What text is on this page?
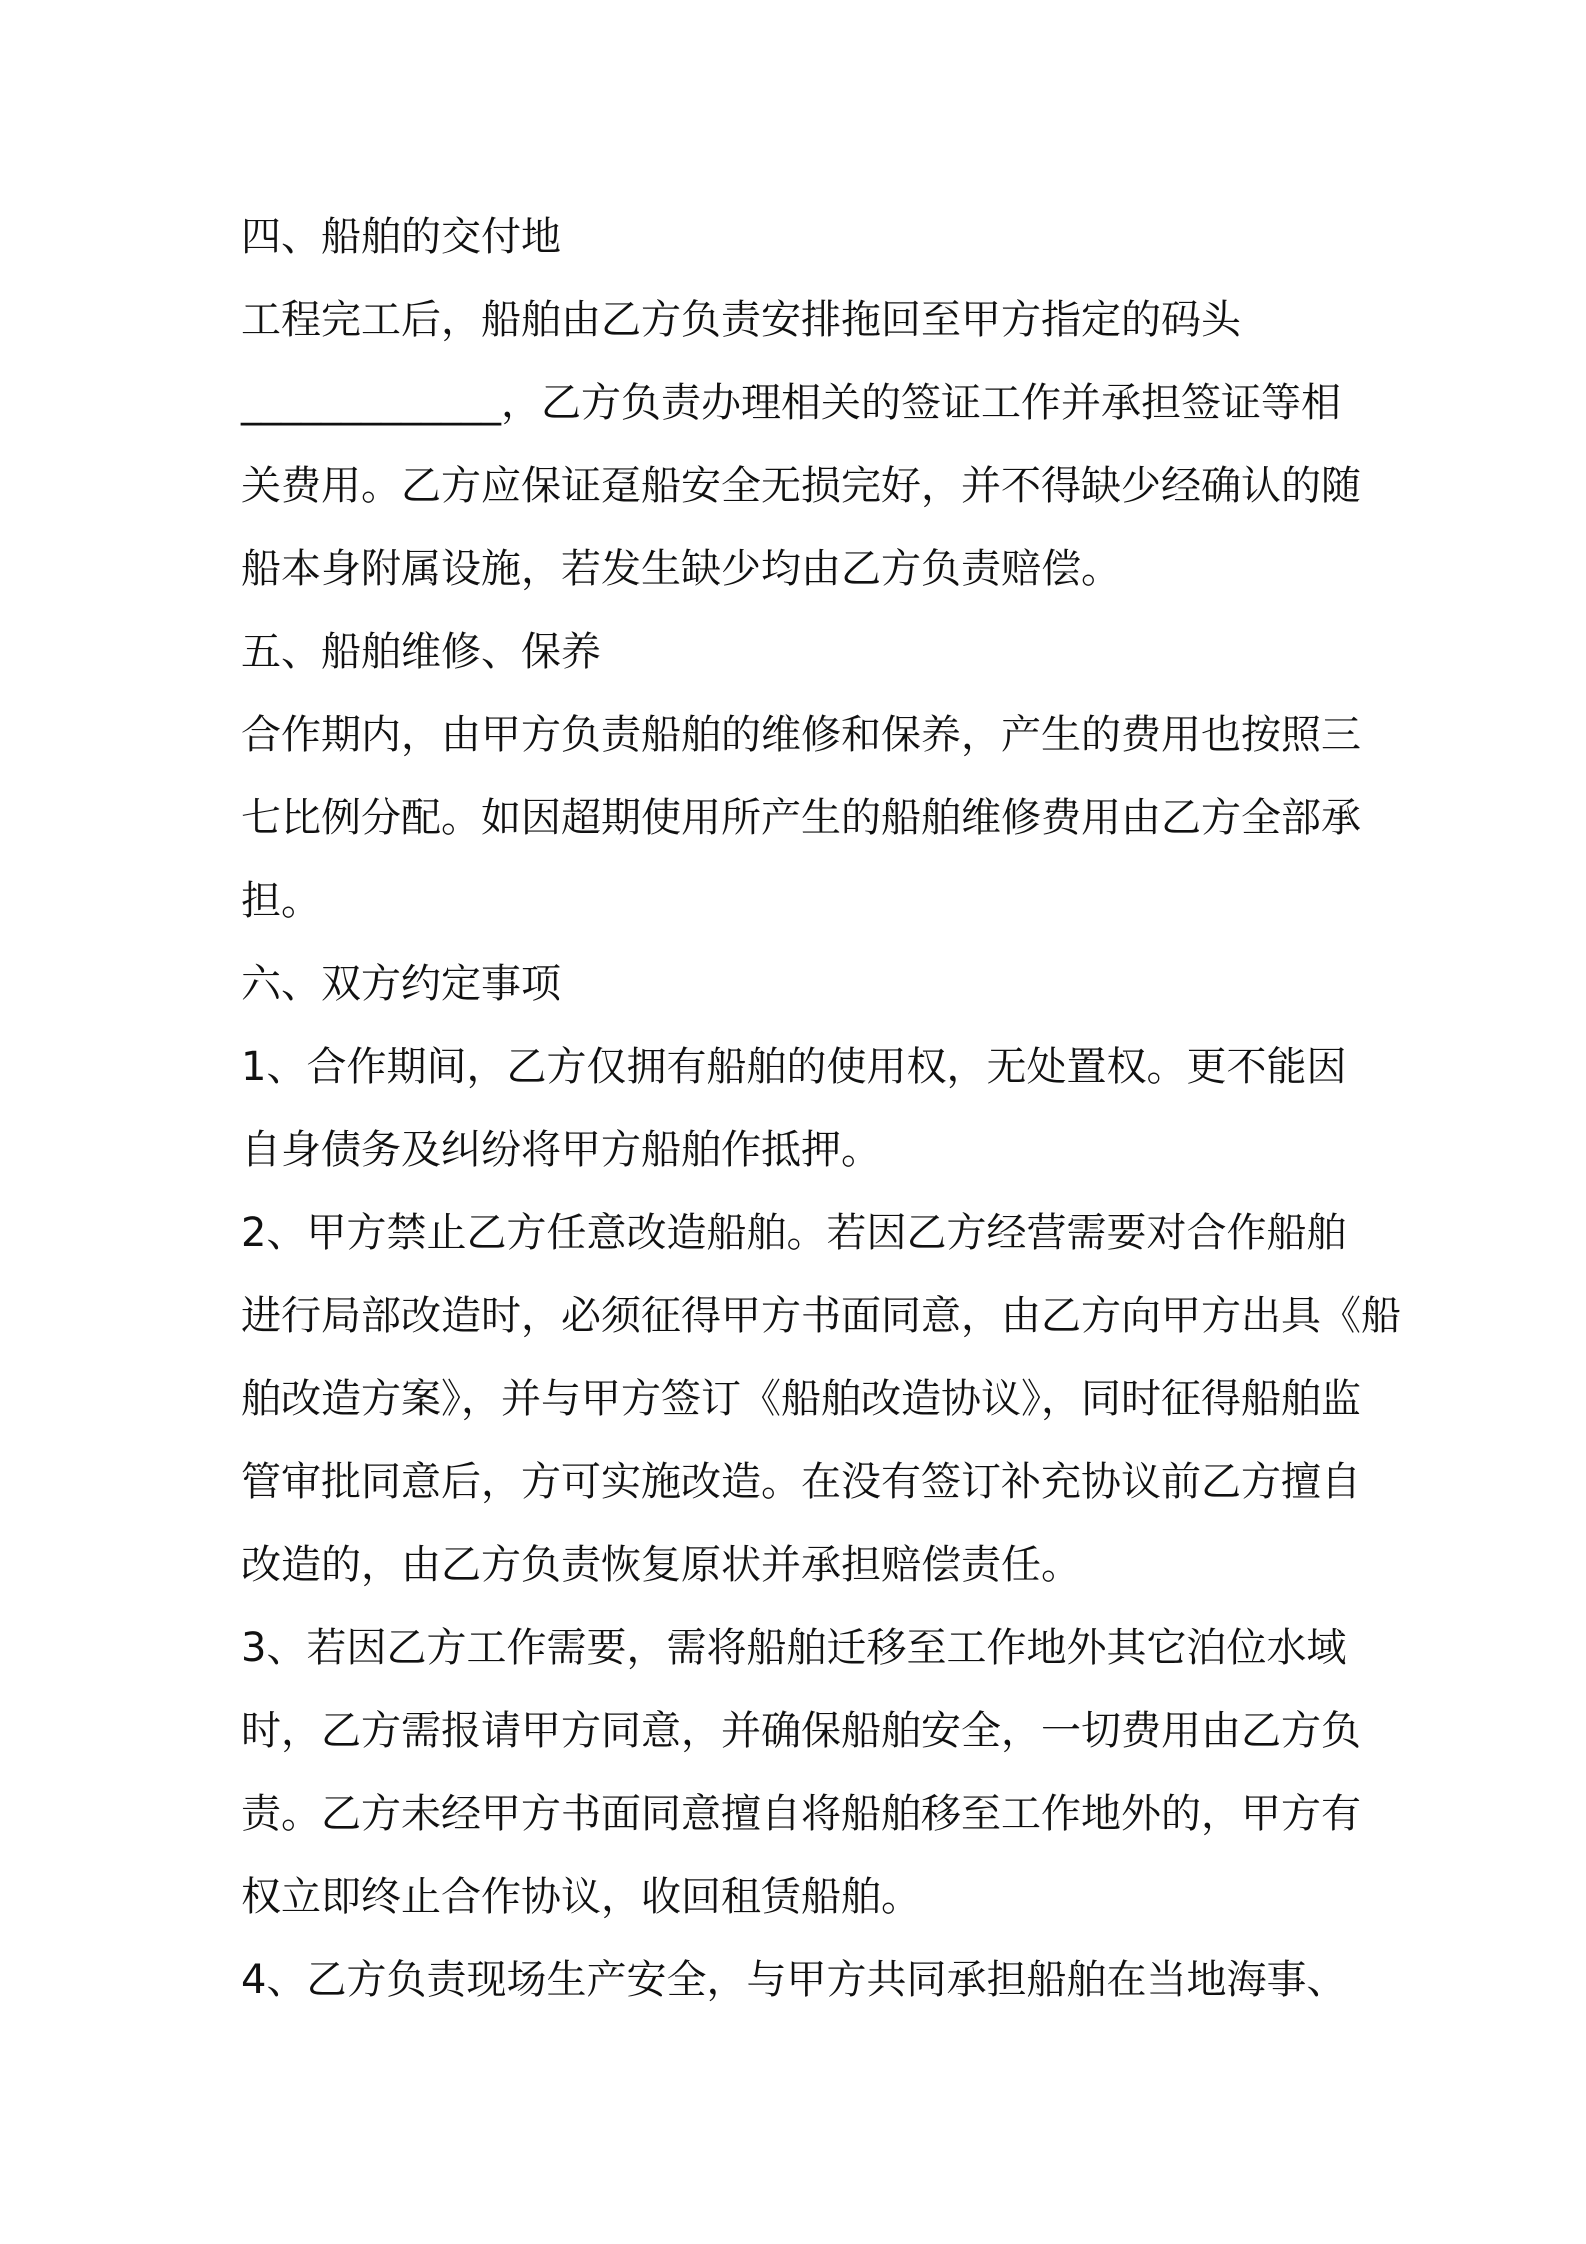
四、船舶的交付地
工程完工后，船舶由乙方负责安排拖回至甲方指定的码头
_____________，乙方负责办理相关的签证工作并承担签证等相
关费用。乙方应保证趸船安全无损完好，并不得缺少经确认的随
船本身附属设施，若发生缺少均由乙方负责赔偿。
五、船舶维修、保养
合作期内，由甲方负责船舶的维修和保养，产生的费用也按照三
七比例分配。如因超期使用所产生的船舶维修费用由乙方全部承
担。
六、双方约定事项
1、合作期间，乙方仅拥有船舶的使用权，无处置权。更不能因
自身债务及纠纷将甲方船舶作抵押。
2、甲方禁止乙方任意改造船舶。若因乙方经营需要对合作船舶
进行局部改造时，必须征得甲方书面同意，由乙方向甲方出具《船
舶改造方案》，并与甲方签订《船舶改造协议》，同时征得船舶监
管审批同意后，方可实施改造。在没有签订补充协议前乙方擅自
改造的，由乙方负责恢复原状并承担赔偿责任。
3、若因乙方工作需要，需将船舶迁移至工作地外其它泊位水域
时，乙方需报请甲方同意，并确保船舶安全，一切费用由乙方负
责。乙方未经甲方书面同意擅自将船舶移至工作地外的，甲方有
权立即终止合作协议，收回租赁船舶。
4、乙方负责现场生产安全，与甲方共同承担船舶在当地海事、
